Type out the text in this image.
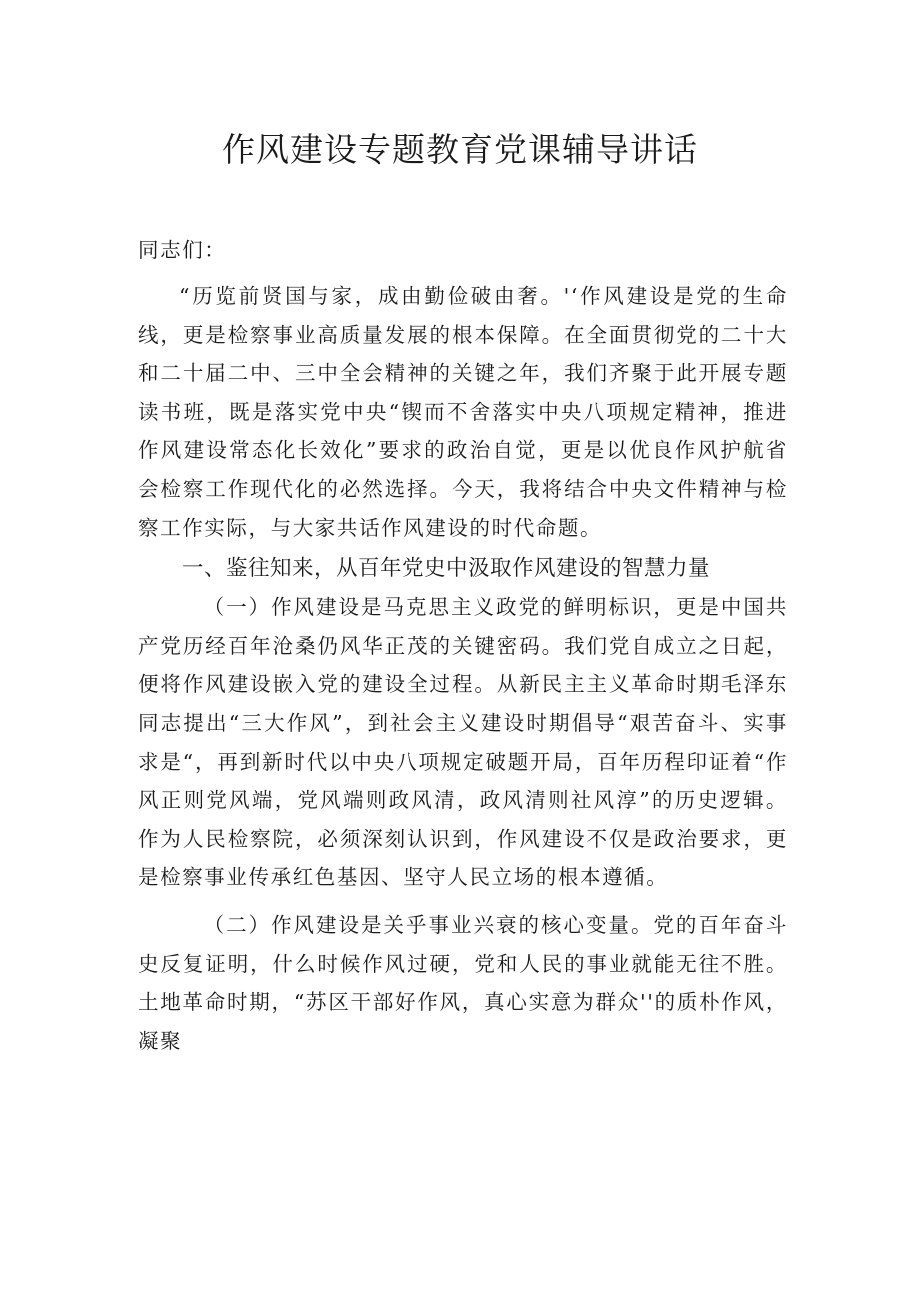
作风建设专题教育党课辅导讲话

同志们：

“历览前贤国与家，成由勤俭破由奢。'‘作风建设是党的生命线，更是检察事业高质量发展的根本保障。在全面贯彻党的二十大和二十届二中、三中全会精神的关键之年，我们齐聚于此开展专题读书班，既是落实党中央“锲而不舍落实中央八项规定精神，推进作风建设常态化长效化”要求的政治自觉，更是以优良作风护航省会检察工作现代化的必然选择。今天，我将结合中央文件精神与检察工作实际，与大家共话作风建设的时代命题。

一、鉴往知来，从百年党史中汲取作风建设的智慧力量

（一）作风建设是马克思主义政党的鲜明标识，更是中国共产党历经百年沧桑仍风华正茂的关键密码。我们党自成立之日起，便将作风建设嵌入党的建设全过程。从新民主主义革命时期毛泽东同志提出“三大作风”，到社会主义建设时期倡导“艰苦奋斗、实事求是“，再到新时代以中央八项规定破题开局，百年历程印证着“作风正则党风端，党风端则政风清，政风清则社风淳”的历史逻辑。作为人民检察院，必须深刻认识到，作风建设不仅是政治要求，更是检察事业传承红色基因、坚守人民立场的根本遵循。

（二）作风建设是关乎事业兴衰的核心变量。党的百年奋斗史反复证明，什么时候作风过硬，党和人民的事业就能无往不胜。土地革命时期，“苏区干部好作风，真心实意为群众''的质朴作风，凝聚
